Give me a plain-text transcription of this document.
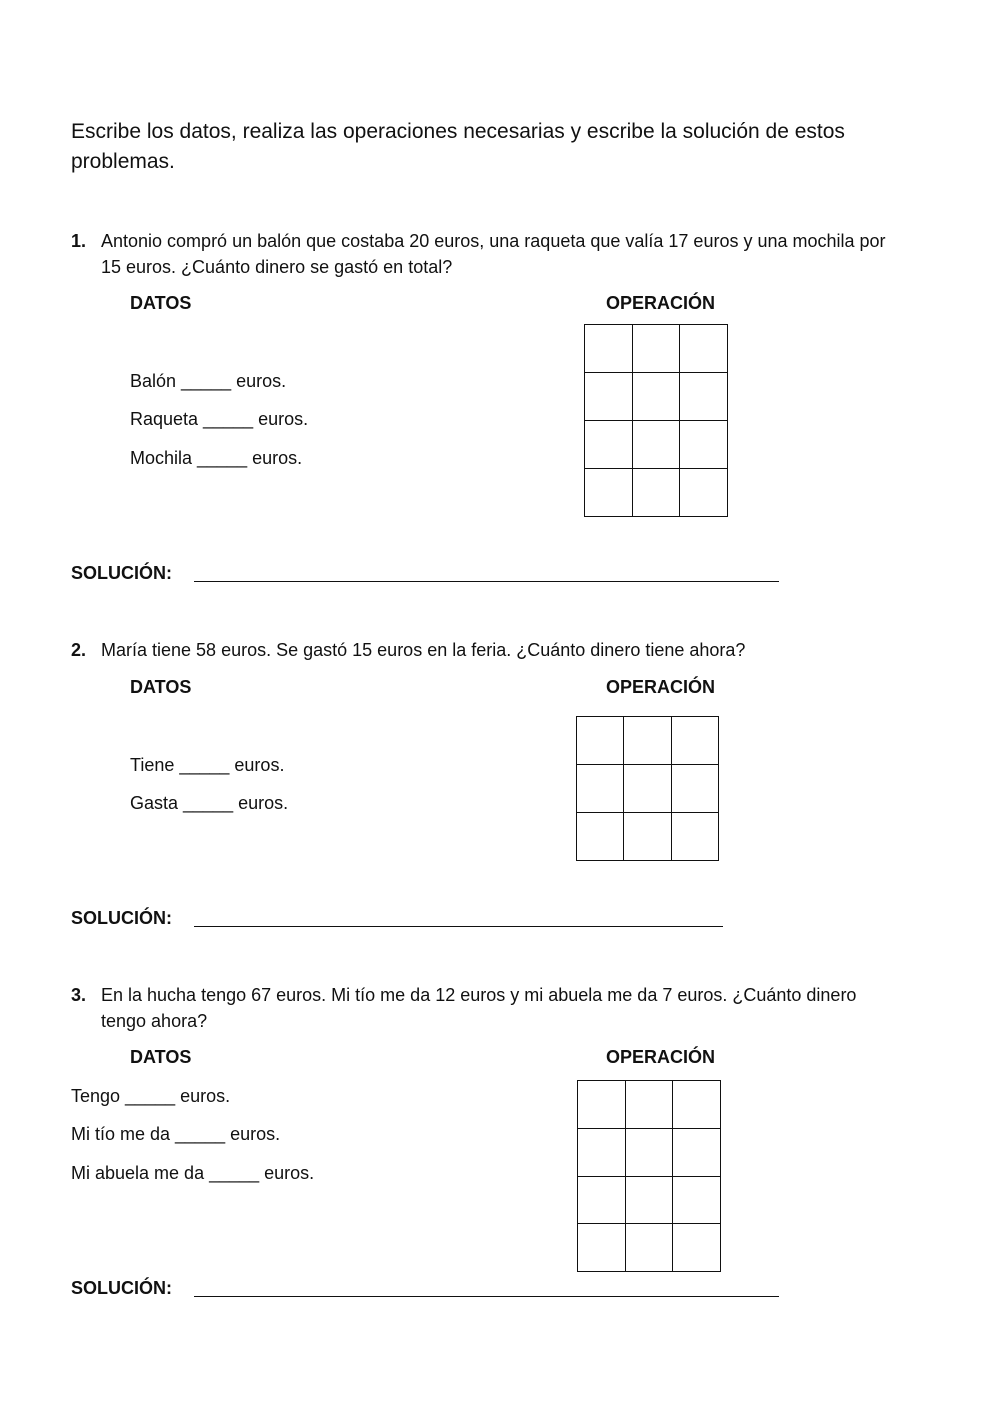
Escribe los datos, realiza las operaciones necesarias y escribe la solución de estos problemas.
1. Antonio compró un balón que costaba 20 euros, una raqueta que valía 17 euros y una mochila por 15 euros. ¿Cuánto dinero se gastó en total?
DATOS	OPERACIÓN
Balón _____ euros.
Raqueta _____ euros.
Mochila _____ euros.
SOLUCIÓN:
2. María tiene 58 euros. Se gastó 15 euros en la feria. ¿Cuánto dinero tiene ahora?
DATOS	OPERACIÓN
Tiene _____ euros.
Gasta _____ euros.
SOLUCIÓN:
3. En la hucha tengo 67 euros. Mi tío me da 12 euros y mi abuela me da 7 euros. ¿Cuánto dinero tengo ahora?
DATOS	OPERACIÓN
Tengo _____ euros.
Mi tío me da _____ euros.
Mi abuela me da _____ euros.
SOLUCIÓN:
